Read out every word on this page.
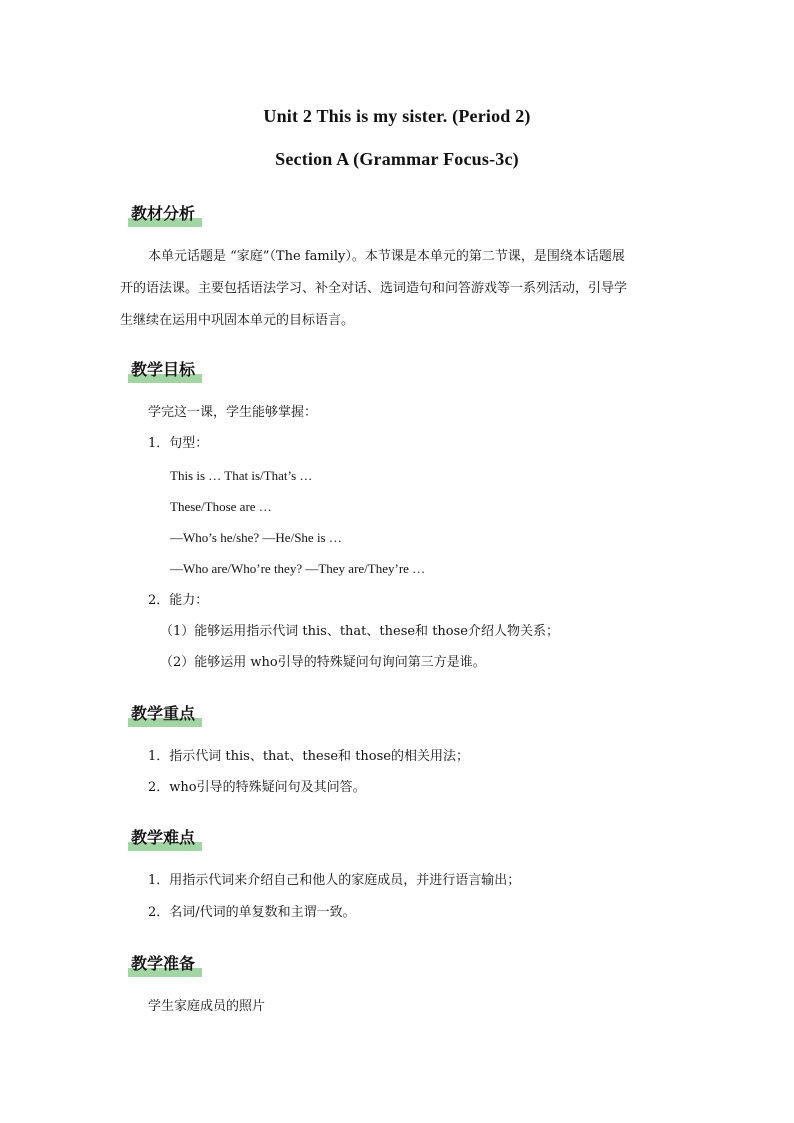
Unit 2 This is my sister. (Period 2)
Section A (Grammar Focus-3c)
教材分析
本单元话题是 “家庭”（The family）。本节课是本单元的第二节课，是围绕本话题展
开的语法课。主要包括语法学习、补全对话、选词造句和问答游戏等一系列活动，引导学
生继续在运用中巩固本单元的目标语言。
教学目标
学完这一课，学生能够掌握：
1．句型：
This is … That is/That’s …
These/Those are …
—Who’s he/she? —He/She is …
—Who are/Who’re they? —They are/They’re …
2．能力：
（1）能够运用指示代词 this、that、these和 those介绍人物关系；
（2）能够运用 who引导的特殊疑问句询问第三方是谁。
教学重点
1．指示代词 this、that、these和 those的相关用法；
2．who引导的特殊疑问句及其问答。
教学难点
1．用指示代词来介绍自己和他人的家庭成员，并进行语言输出；
2．名词/代词的单复数和主谓一致。
教学准备
学生家庭成员的照片
